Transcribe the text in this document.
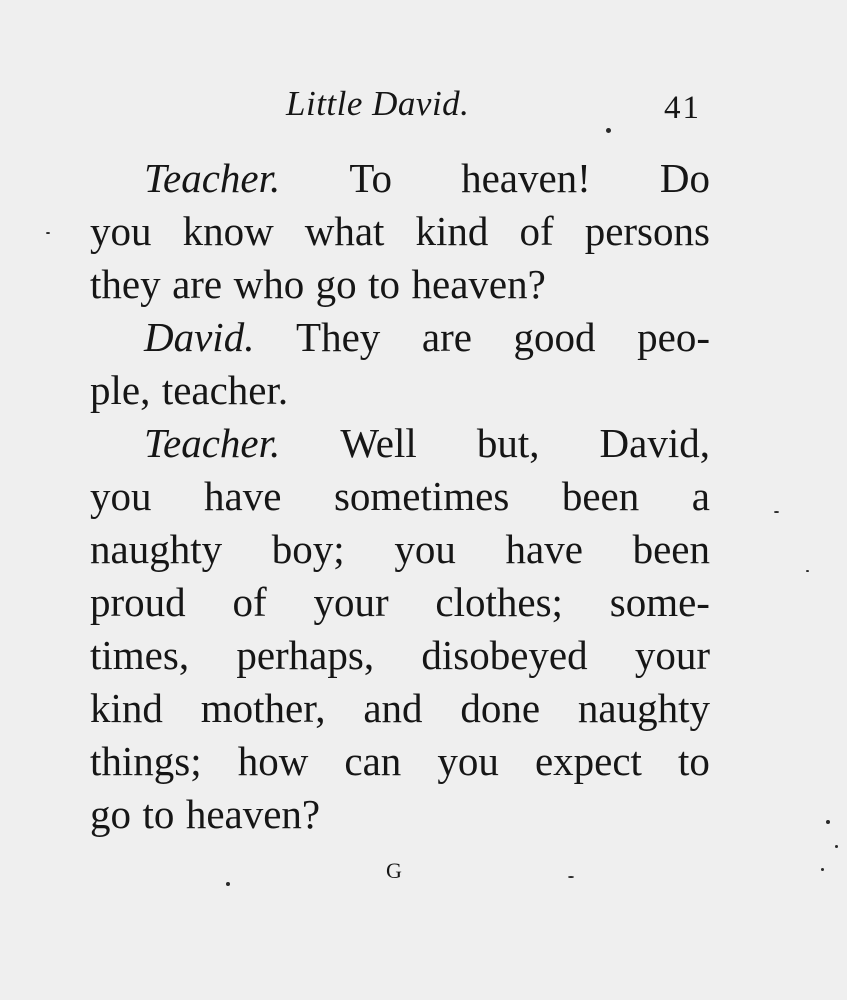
Little David.	41
Teacher. To heaven! Do
you know what kind of persons
they are who go to heaven?
David. They are good peo-
ple, teacher.
Teacher. Well but, David,
you have sometimes been a
naughty boy; you have been
proud of your clothes; some-
times, perhaps, disobeyed your
kind mother, and done naughty
things; how can you expect to
go to heaven?
G
